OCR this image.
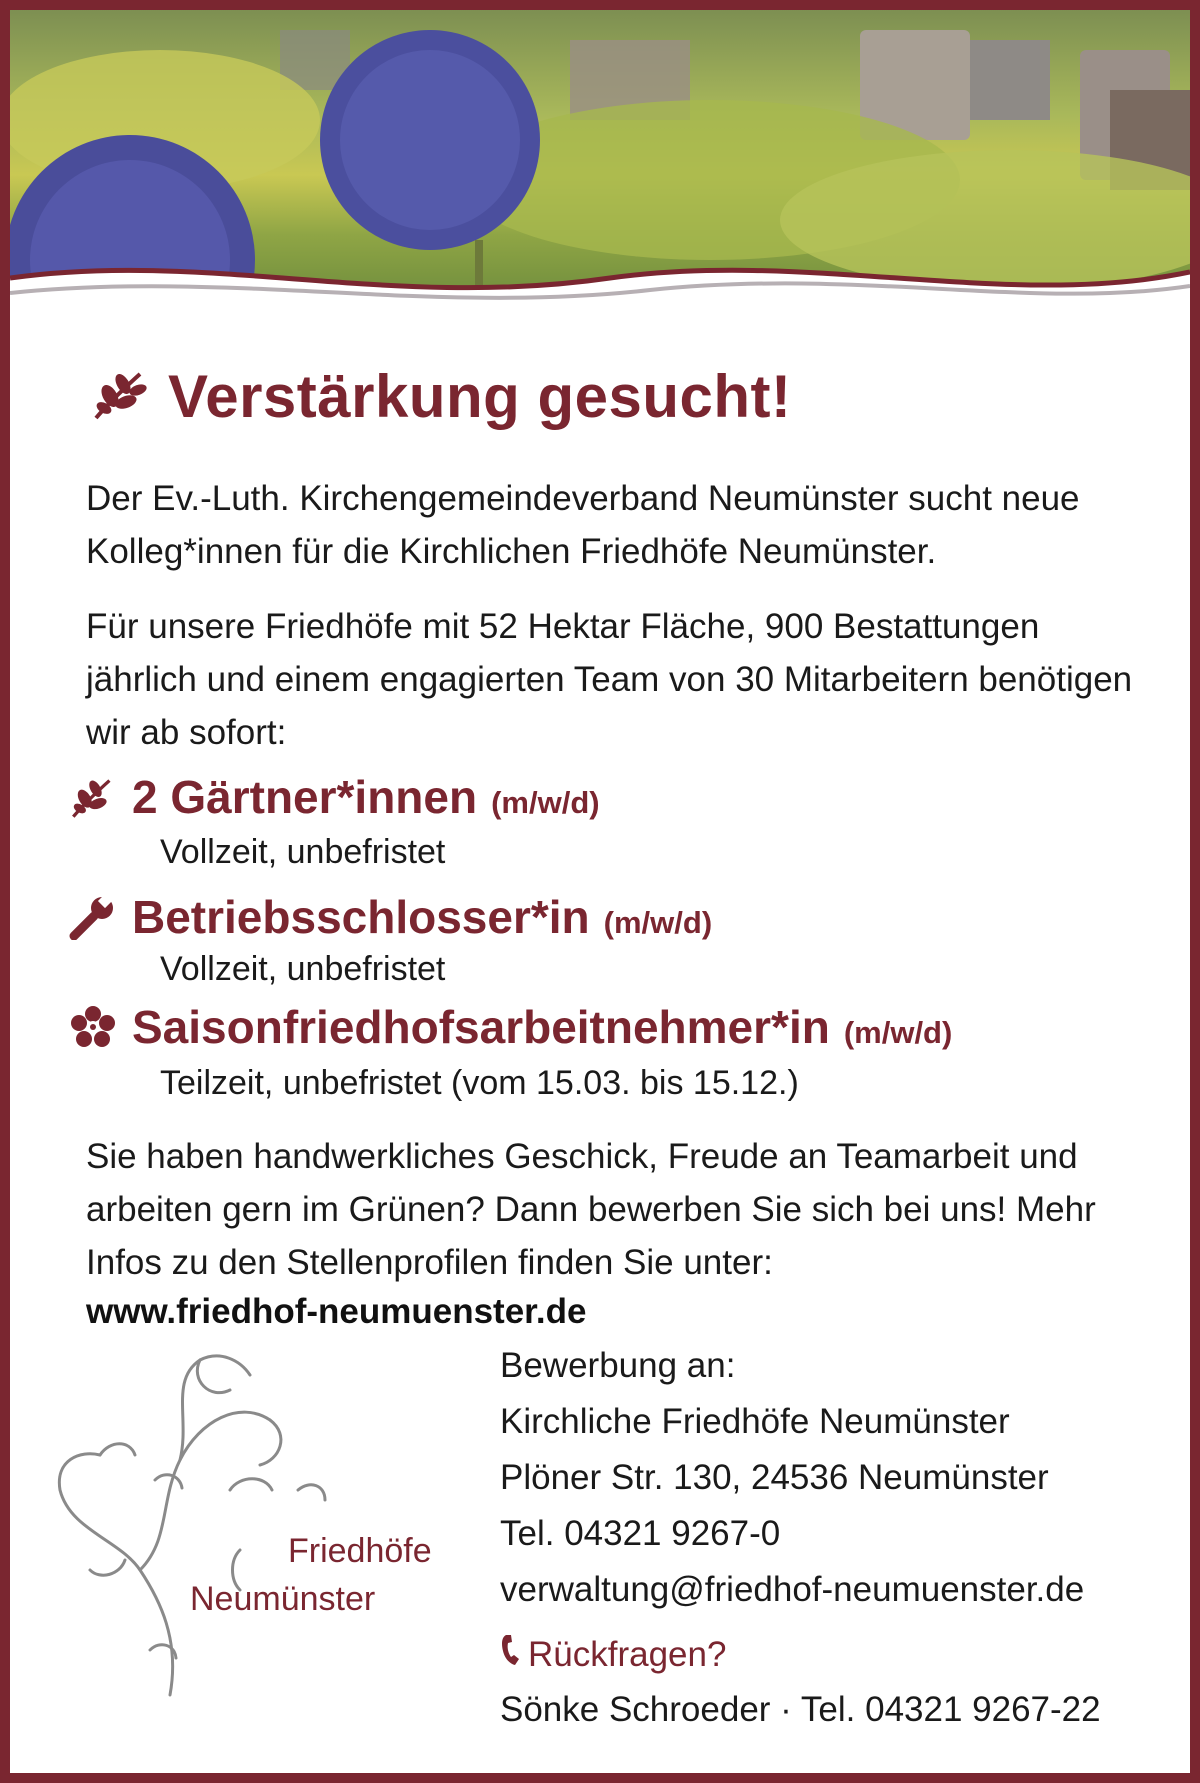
Verstärkung gesucht!
Der Ev.-Luth. Kirchengemeindeverband Neumünster sucht neue Kolleg*innen für die Kirchlichen Friedhöfe Neumünster.
Für unsere Friedhöfe mit 52 Hektar Fläche, 900 Bestattungen jährlich und einem engagierten Team von 30 Mitarbeitern benötigen wir ab sofort:
2 Gärtner*innen (m/w/d)
Vollzeit, unbefristet
Betriebsschlosser*in (m/w/d)
Vollzeit, unbefristet
Saisonfriedhofsarbeitnehmer*in (m/w/d)
Teilzeit, unbefristet (vom 15.03. bis 15.12.)
Sie haben handwerkliches Geschick, Freude an Teamarbeit und arbeiten gern im Grünen? Dann bewerben Sie sich bei uns! Mehr Infos zu den Stellenprofilen finden Sie unter:
www.friedhof-neumuenster.de
Friedhöfe
Neumünster
Bewerbung an:
Kirchliche Friedhöfe Neumünster
Plöner Str. 130, 24536 Neumünster
Tel. 04321 9267-0
verwaltung@friedhof-neumuenster.de
Rückfragen?
Sönke Schroeder · Tel. 04321 9267-22
